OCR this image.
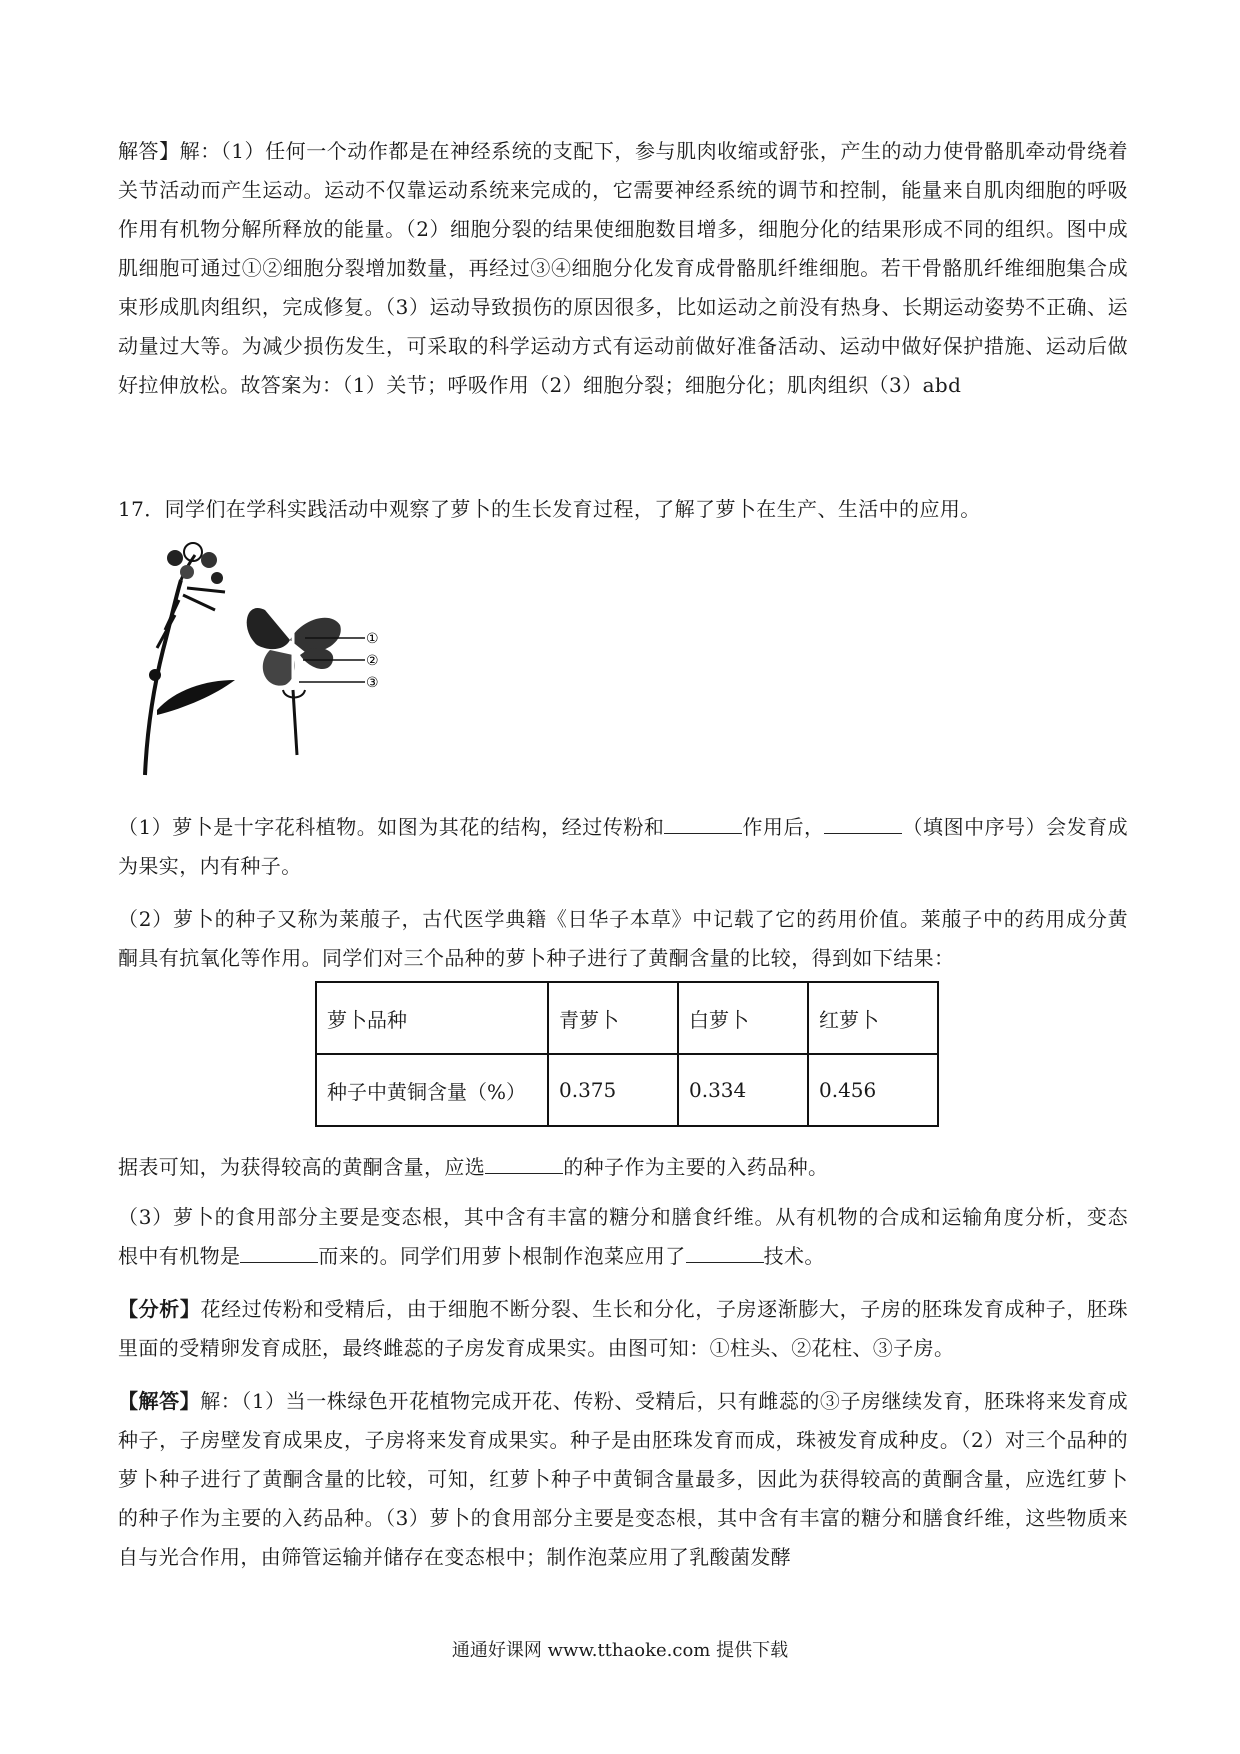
解答】解：（1）任何一个动作都是在神经系统的支配下，参与肌肉收缩或舒张，产生的动力使骨骼肌牵动骨绕着关节活动而产生运动。运动不仅靠运动系统来完成的，它需要神经系统的调节和控制，能量来自肌肉细胞的呼吸作用有机物分解所释放的能量。（2）细胞分裂的结果使细胞数目增多，细胞分化的结果形成不同的组织。图中成肌细胞可通过①②细胞分裂增加数量，再经过③④细胞分化发育成骨骼肌纤维细胞。若干骨骼肌纤维细胞集合成束形成肌肉组织，完成修复。（3）运动导致损伤的原因很多，比如运动之前没有热身、长期运动姿势不正确、运动量过大等。为减少损伤发生，可采取的科学运动方式有运动前做好准备活动、运动中做好保护措施、运动后做好拉伸放松。故答案为：（1）关节；呼吸作用（2）细胞分裂；细胞分化；肌肉组织（3）abd
17．同学们在学科实践活动中观察了萝卜的生长发育过程，了解了萝卜在生产、生活中的应用。
①
②
③
（1）萝卜是十字花科植物。如图为其花的结构，经过传粉和	作用后，	（填图中序号）会发育成为果实，内有种子。
（2）萝卜的种子又称为莱菔子，古代医学典籍《日华子本草》中记载了它的药用价值。莱菔子中的药用成分黄酮具有抗氧化等作用。同学们对三个品种的萝卜种子进行了黄酮含量的比较，得到如下结果：
萝卜品种	青萝卜	白萝卜	红萝卜
种子中黄铜含量（%）	0.375	0.334	0.456
据表可知，为获得较高的黄酮含量，应选	的种子作为主要的入药品种。
（3）萝卜的食用部分主要是变态根，其中含有丰富的糖分和膳食纤维。从有机物的合成和运输角度分析，变态根中有机物是	而来的。同学们用萝卜根制作泡菜应用了	技术。
【分析】花经过传粉和受精后，由于细胞不断分裂、生长和分化，子房逐渐膨大，子房的胚珠发育成种子，胚珠里面的受精卵发育成胚，最终雌蕊的子房发育成果实。由图可知：①柱头、②花柱、③子房。
【解答】解：（1）当一株绿色开花植物完成开花、传粉、受精后，只有雌蕊的③子房继续发育，胚珠将来发育成种子，子房壁发育成果皮，子房将来发育成果实。种子是由胚珠发育而成，珠被发育成种皮。（2）对三个品种的萝卜种子进行了黄酮含量的比较，可知，红萝卜种子中黄铜含量最多，因此为获得较高的黄酮含量，应选红萝卜的种子作为主要的入药品种。（3）萝卜的食用部分主要是变态根，其中含有丰富的糖分和膳食纤维，这些物质来自与光合作用，由筛管运输并储存在变态根中；制作泡菜应用了乳酸菌发酵
通通好课网 www.tthaoke.com 提供下载
